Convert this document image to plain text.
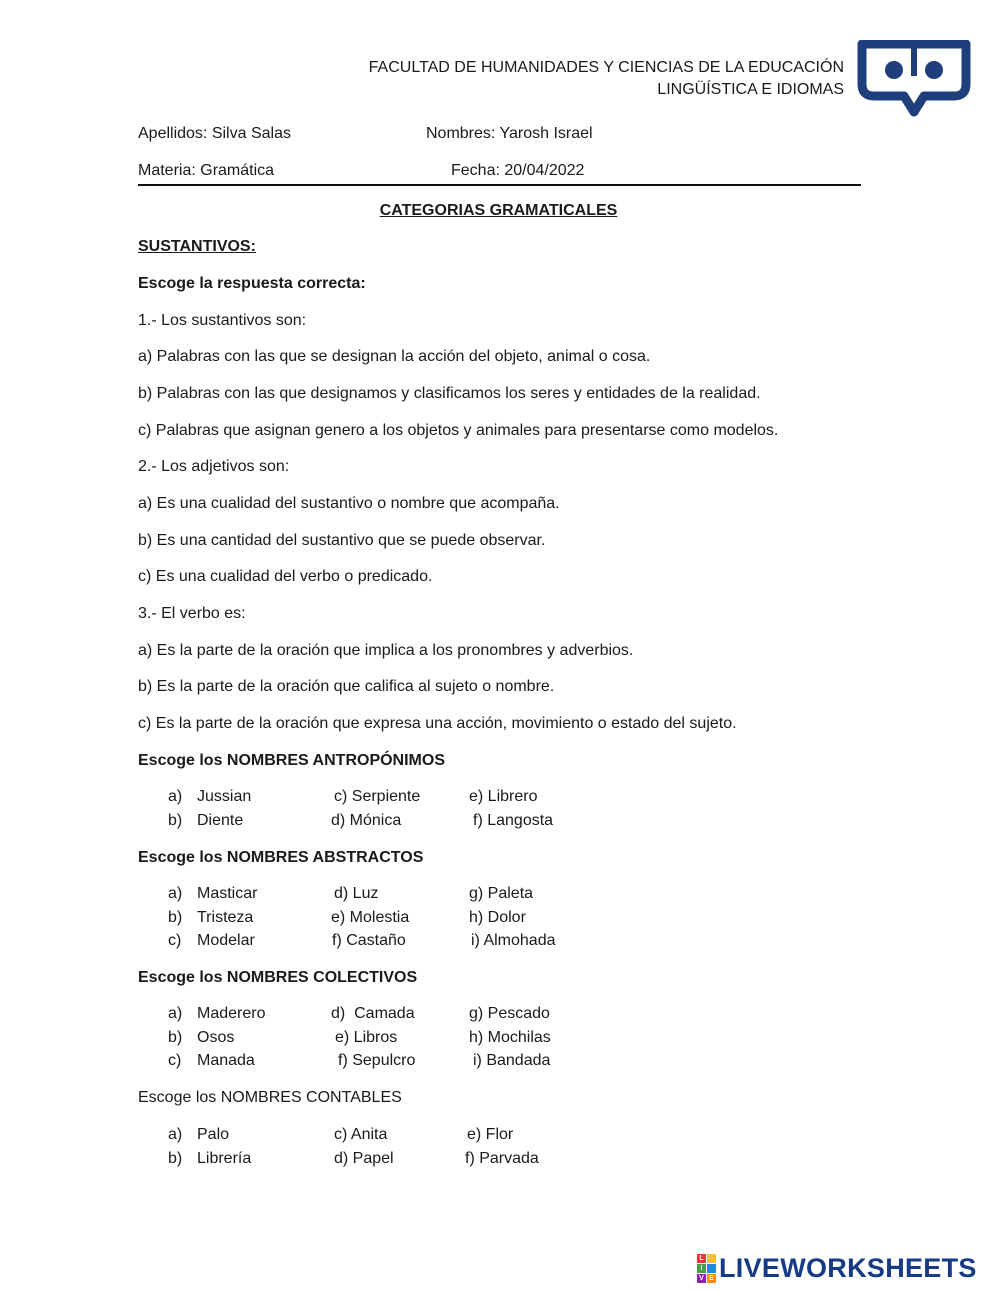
FACULTAD DE HUMANIDADES Y CIENCIAS DE LA EDUCACIÓN
LINGÜÍSTICA E IDIOMAS
Apellidos: Silva Salas	Nombres: Yarosh Israel
Materia: Gramática	Fecha: 20/04/2022
CATEGORIAS GRAMATICALES
SUSTANTIVOS:
Escoge la respuesta correcta:
1.- Los sustantivos son:
a) Palabras con las que se designan la acción del objeto, animal o cosa.
b) Palabras con las que designamos y clasificamos los seres y entidades de la realidad.
c) Palabras que asignan genero a los objetos y animales para presentarse como modelos.
2.- Los adjetivos son:
a) Es una cualidad del sustantivo o nombre que acompaña.
b) Es una cantidad del sustantivo que se puede observar.
c) Es una cualidad del verbo o predicado.
3.- El verbo es:
a) Es la parte de la oración que implica a los pronombres y adverbios.
b) Es la parte de la oración que califica al sujeto o nombre.
c) Es la parte de la oración que expresa una acción, movimiento o estado del sujeto.
Escoge los NOMBRES ANTROPÓNIMOS
a) Jussian	c) Serpiente	e) Librero
b) Diente	d) Mónica	f) Langosta
Escoge los NOMBRES ABSTRACTOS
a) Masticar	d) Luz	g) Paleta
b) Tristeza	e) Molestia	h) Dolor
c) Modelar	f) Castaño	i) Almohada
Escoge los NOMBRES COLECTIVOS
a) Maderero	d)  Camada	g) Pescado
b) Osos	e) Libros	h) Mochilas
c) Manada	f) Sepulcro	i) Bandada
Escoge los NOMBRES CONTABLES
a) Palo	c) Anita	e) Flor
b) Librería	d) Papel	f) Parvada
L
I
V E LIVEWORKSHEETS
